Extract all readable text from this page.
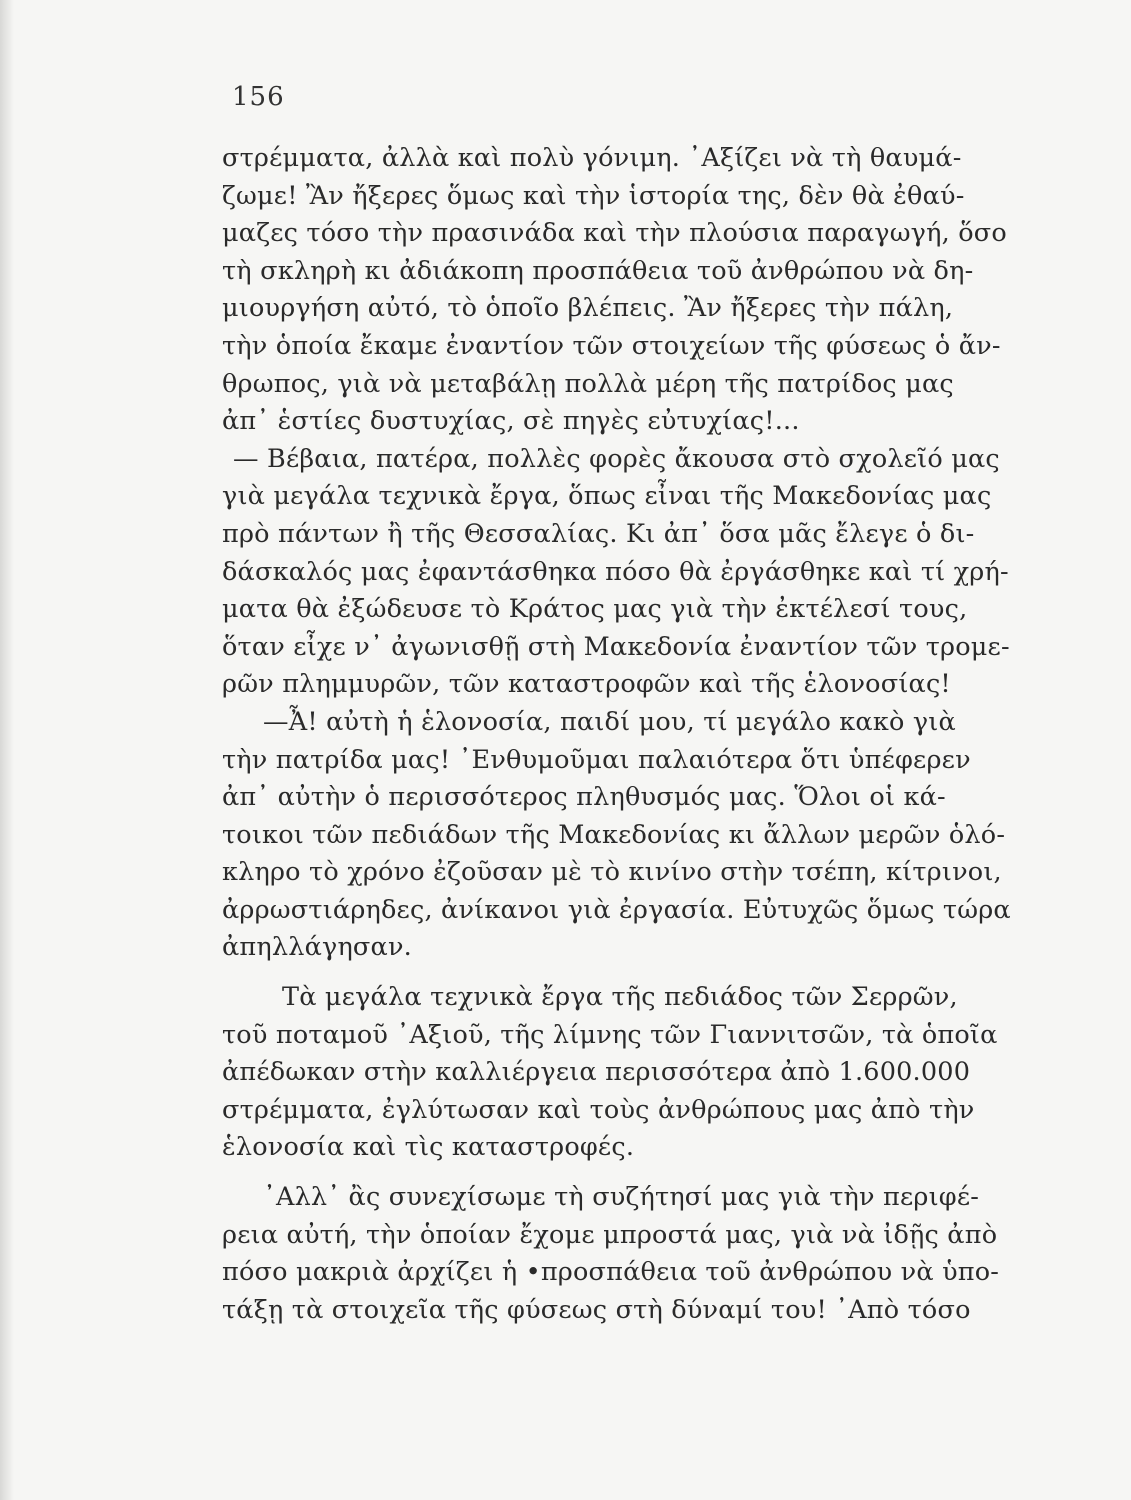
156
στρέμματα, ἀλλὰ καὶ πολὺ γόνιμη. ᾿Αξίζει νὰ τὴ θαυμά-
ζωμε! Ἂν ἤξερες ὅμως καὶ τὴν ἱστορία της, δὲν θὰ ἐθαύ-
μαζες τόσο τὴν πρασινάδα καὶ τὴν πλούσια παραγωγή, ὅσο
τὴ σκληρὴ κι ἀδιάκοπη προσπάθεια τοῦ ἀνθρώπου νὰ δη-
μιουργήση αὐτό, τὸ ὁποῖο βλέπεις. Ἂν ἤξερες τὴν πάλη,
τὴν ὁποία ἔκαμε ἐναντίον τῶν στοιχείων τῆς φύσεως ὁ ἄν-
θρωπος, γιὰ νὰ μεταβάλῃ πολλὰ μέρη τῆς πατρίδος μας
ἀπ᾿ ἑστίες δυστυχίας, σὲ πηγὲς εὐτυχίας!...
— Βέβαια, πατέρα, πολλὲς φορὲς ἄκουσα στὸ σχολεῖό μας
γιὰ μεγάλα τεχνικὰ ἔργα, ὅπως εἶναι τῆς Μακεδονίας μας
πρὸ πάντων ἢ τῆς Θεσσαλίας. Κι ἀπ᾿ ὅσα μᾶς ἔλεγε ὁ δι-
δάσκαλός μας ἐφαντάσθηκα πόσο θὰ ἐργάσθηκε καὶ τί χρή-
ματα θὰ ἐξώδευσε τὸ Κράτος μας γιὰ τὴν ἐκτέλεσί τους,
ὅταν εἶχε ν᾿ ἀγωνισθῇ στὴ Μακεδονία ἐναντίον τῶν τρομε-
ρῶν πλημμυρῶν, τῶν καταστροφῶν καὶ τῆς ἑλονοσίας!
—Ἆ! αὐτὴ ἡ ἑλονοσία, παιδί μου, τί μεγάλο κακὸ γιὰ
τὴν πατρίδα μας! ᾿Ενθυμοῦμαι παλαιότερα ὅτι ὑπέφερεν
ἀπ᾿ αὐτὴν ὁ περισσότερος πληθυσμός μας. Ὅλοι οἱ κά-
τοικοι τῶν πεδιάδων τῆς Μακεδονίας κι ἄλλων μερῶν ὁλό-
κληρο τὸ χρόνο ἐζοῦσαν μὲ τὸ κινίνο στὴν τσέπη, κίτρινοι,
ἀρρωστιάρηδες, ἀνίκανοι γιὰ ἐργασία. Εὐτυχῶς ὅμως τώρα
ἀπηλλάγησαν.
Τὰ μεγάλα τεχνικὰ ἔργα τῆς πεδιάδος τῶν Σερρῶν,
τοῦ ποταμοῦ ᾿Αξιοῦ, τῆς λίμνης τῶν Γιαννιτσῶν, τὰ ὁποῖα
ἀπέδωκαν στὴν καλλιέργεια περισσότερα ἀπὸ 1.600.000
στρέμματα, ἐγλύτωσαν καὶ τοὺς ἀνθρώπους μας ἀπὸ τὴν
ἑλονοσία καὶ τὶς καταστροφές.
᾿Αλλ᾿ ἂς συνεχίσωμε τὴ συζήτησί μας γιὰ τὴν περιφέ-
ρεια αὐτή, τὴν ὁποίαν ἔχομε μπροστά μας, γιὰ νὰ ἰδῇς ἀπὸ
πόσο μακριὰ ἀρχίζει ἡ •προσπάθεια τοῦ ἀνθρώπου νὰ ὑπο-
τάξῃ τὰ στοιχεῖα τῆς φύσεως στὴ δύναμί του! ᾿Απὸ τόσο
